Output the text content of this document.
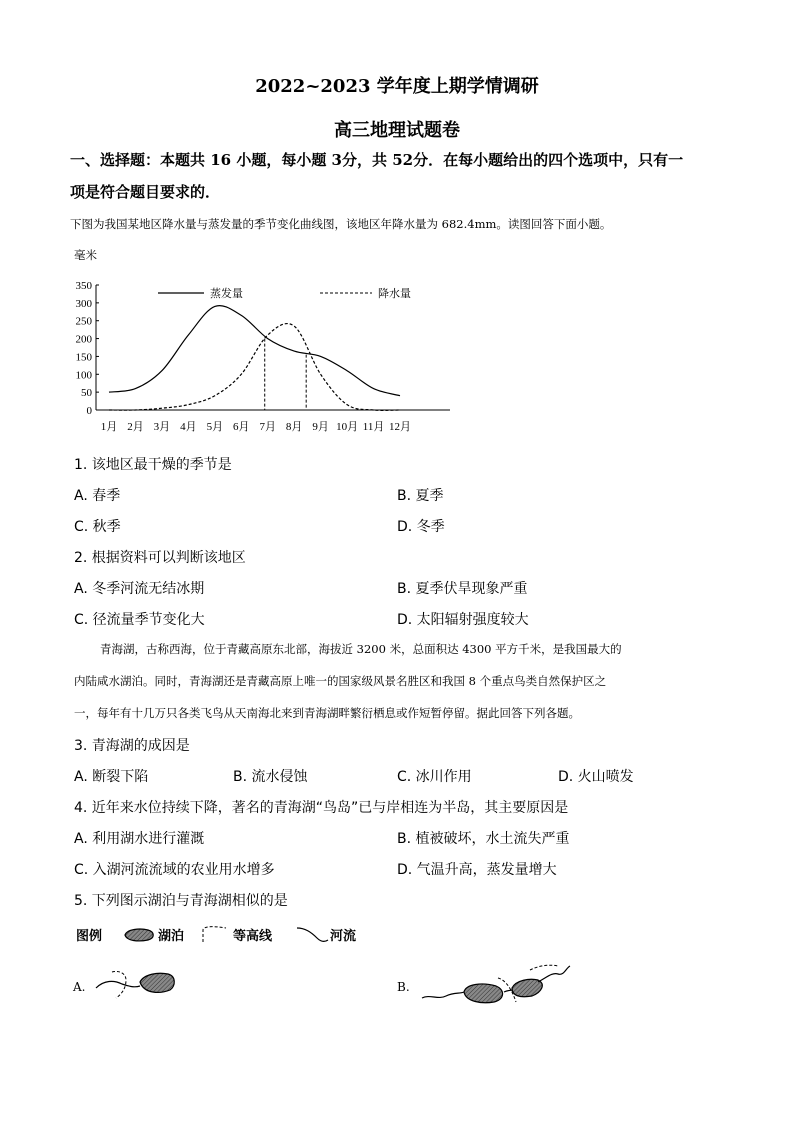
2022~2023 学年度上期学情调研
高三地理试题卷
一、选择题：本题共 16 小题，每小题 3分，共 52分．在每小题给出的四个选项中，只有一
项是符合题目要求的．
下图为我国某地区降水量与蒸发量的季节变化曲线图，该地区年降水量为 682.4mm。读图回答下面小题。
毫米
0
50
100
150
200
250
300
350
1月 2月 3月 4月 5月 6月 7月 8月 9月 10月 11月 12月
蒸发量	降水量
1. 该地区最干燥的季节是
A. 春季	B. 夏季
C. 秋季	D. 冬季
2. 根据资料可以判断该地区
A. 冬季河流无结冰期	B. 夏季伏旱现象严重
C. 径流量季节变化大	D. 太阳辐射强度较大
青海湖，古称西海，位于青藏高原东北部，海拔近 3200 米，总面积达 4300 平方千米，是我国最大的
内陆咸水湖泊。同时，青海湖还是青藏高原上唯一的国家级风景名胜区和我国 8 个重点鸟类自然保护区之
一，每年有十几万只各类飞鸟从天南海北来到青海湖畔繁衍栖息或作短暂停留。据此回答下列各题。
3. 青海湖的成因是
A. 断裂下陷	B. 流水侵蚀	C. 冰川作用	D. 火山喷发
4. 近年来水位持续下降，著名的青海湖“鸟岛”已与岸相连为半岛，其主要原因是
A. 利用湖水进行灌溉	B. 植被破坏，水土流失严重
C. 入湖河流流域的农业用水增多	D. 气温升高，蒸发量增大
5. 下列图示湖泊与青海湖相似的是
图例	湖泊	等高线	河流
A.	B.
